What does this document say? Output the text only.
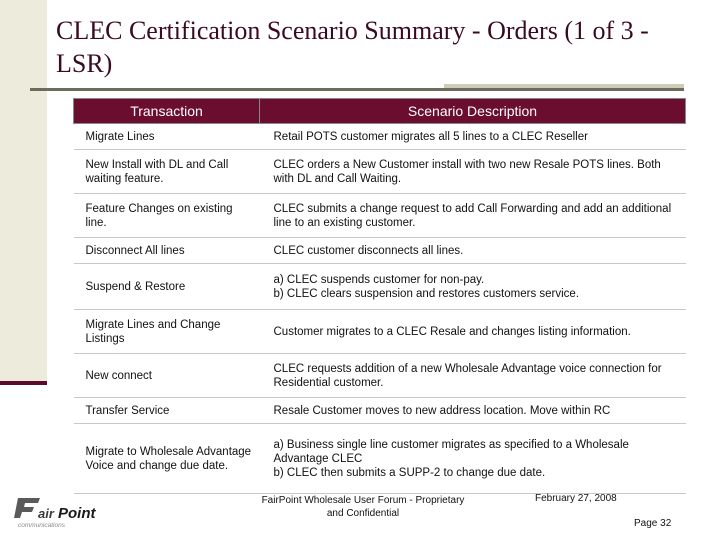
CLEC Certification Scenario Summary - Orders (1 of 3 - LSR)
Transaction	Scenario Description
Migrate Lines	Retail POTS customer migrates all 5 lines to a CLEC Reseller
New Install with DL and Call waiting feature.	CLEC orders a New Customer install with two new Resale POTS lines. Both with DL and Call Waiting.
Feature Changes on existing line.	CLEC submits a change request to add Call Forwarding and add an additional line to an existing customer.
Disconnect All lines	CLEC customer disconnects all lines.
Suspend & Restore	a) CLEC suspends customer for non-pay.
b) CLEC clears suspension and restores customers service.
Migrate Lines and Change Listings	Customer migrates to a CLEC Resale and changes listing information.
New connect	CLEC requests addition of a new Wholesale Advantage voice connection for Residential customer.
Transfer Service	Resale Customer moves to new address location. Move within RC
Migrate to Wholesale Advantage Voice and change due date.	a) Business single line customer migrates as specified to a Wholesale Advantage CLEC
b) CLEC then submits a SUPP-2 to change due date.
air Point
communications
FairPoint Wholesale User Forum - Proprietary and Confidential
February 27, 2008
Page 32
